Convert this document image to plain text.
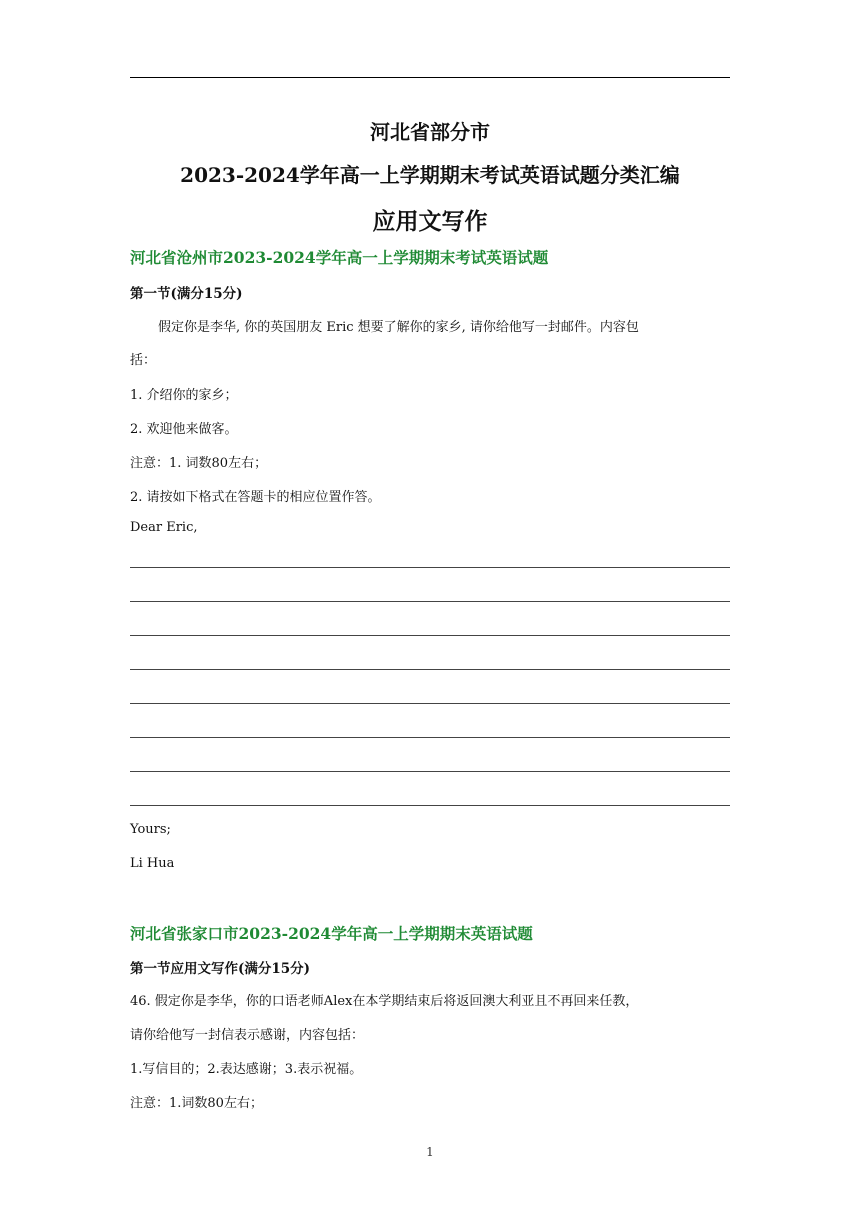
河北省部分市
2023-2024学年高一上学期期末考试英语试题分类汇编
应用文写作
河北省沧州市2023-2024学年高一上学期期末考试英语试题
第一节(满分15分)
假定你是李华, 你的英国朋友 Eric 想要了解你的家乡, 请你给他写一封邮件。内容包
括：
1. 介绍你的家乡；
2. 欢迎他来做客。
注意：1. 词数80左右；
2. 请按如下格式在答题卡的相应位置作答。
Dear Eric,
Yours;
Li Hua
河北省张家口市2023-2024学年高一上学期期末英语试题
第一节应用文写作(满分15分)
46. 假定你是李华，你的口语老师Alex在本学期结束后将返回澳大利亚且不再回来任教，
请你给他写一封信表示感谢，内容包括：
1.写信目的；2.表达感谢；3.表示祝福。
注意：1.词数80左右；
1
